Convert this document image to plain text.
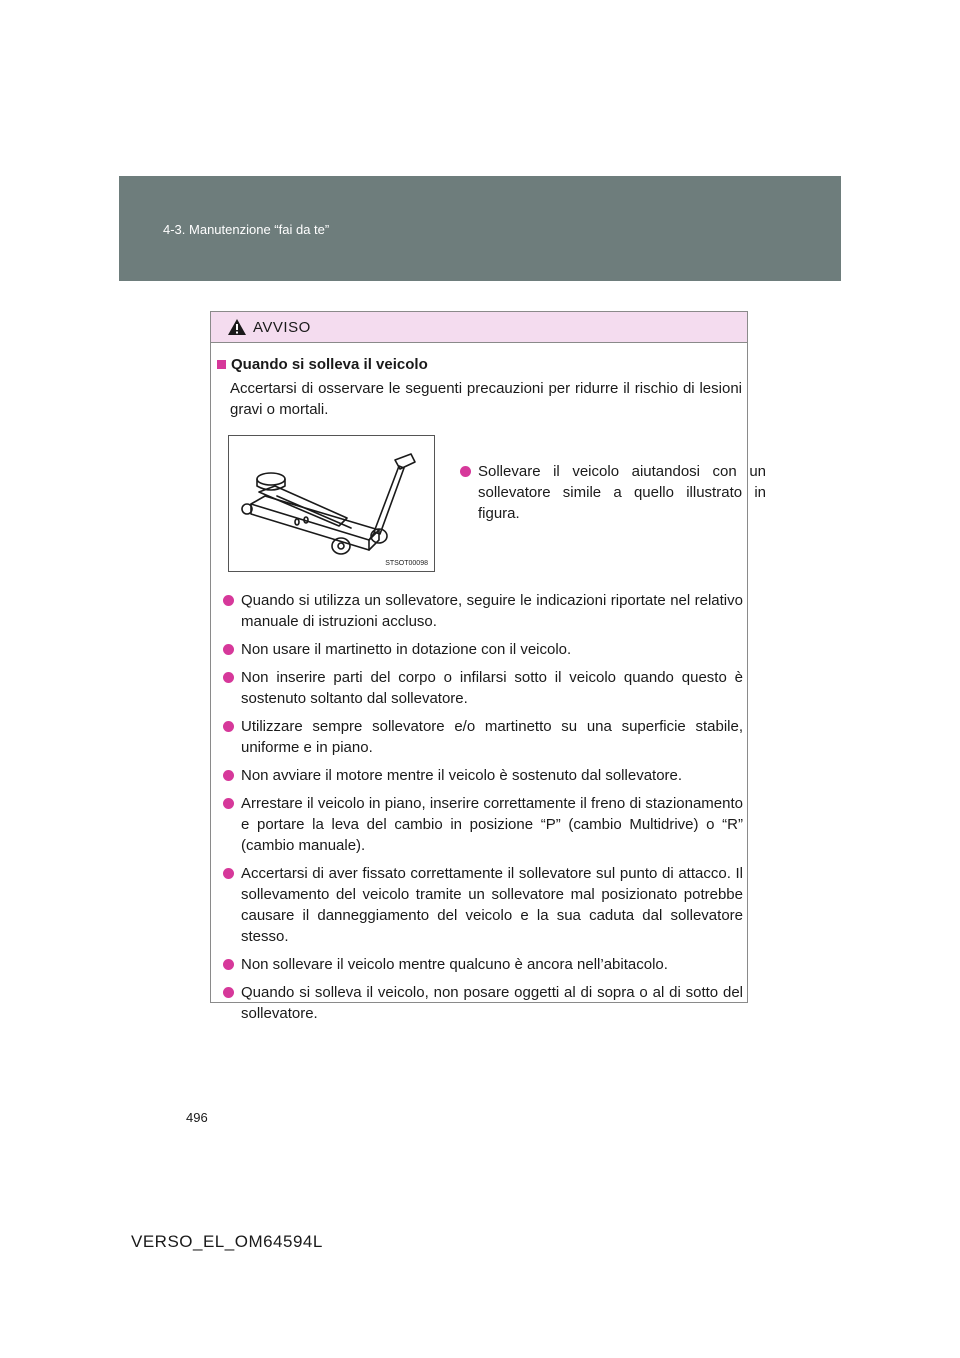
4-3. Manutenzione “fai da te”
AVVISO
Quando si solleva il veicolo
Accertarsi di osservare le seguenti precauzioni per ridurre il rischio di lesioni gravi o mortali.
STSOT00098
Sollevare il veicolo aiutandosi con un sollevatore simile a quello illustrato in figura.
Quando si utilizza un sollevatore, seguire le indicazioni riportate nel relativo manuale di istruzioni accluso.
Non usare il martinetto in dotazione con il veicolo.
Non inserire parti del corpo o infilarsi sotto il veicolo quando questo è sostenuto soltanto dal sollevatore.
Utilizzare sempre sollevatore e/o martinetto su una superficie stabile, uniforme e in piano.
Non avviare il motore mentre il veicolo è sostenuto dal sollevatore.
Arrestare il veicolo in piano, inserire correttamente il freno di stazionamento e portare la leva del cambio in posizione “P” (cambio Multidrive) o “R” (cambio manuale).
Accertarsi di aver fissato correttamente il sollevatore sul punto di attacco. Il sollevamento del veicolo tramite un sollevatore mal posizionato potrebbe causare il danneggiamento del veicolo e la sua caduta dal sollevatore stesso.
Non sollevare il veicolo mentre qualcuno è ancora nell’abitacolo.
Quando si solleva il veicolo, non posare oggetti al di sopra o al di sotto del sollevatore.
496
VERSO_EL_OM64594L
